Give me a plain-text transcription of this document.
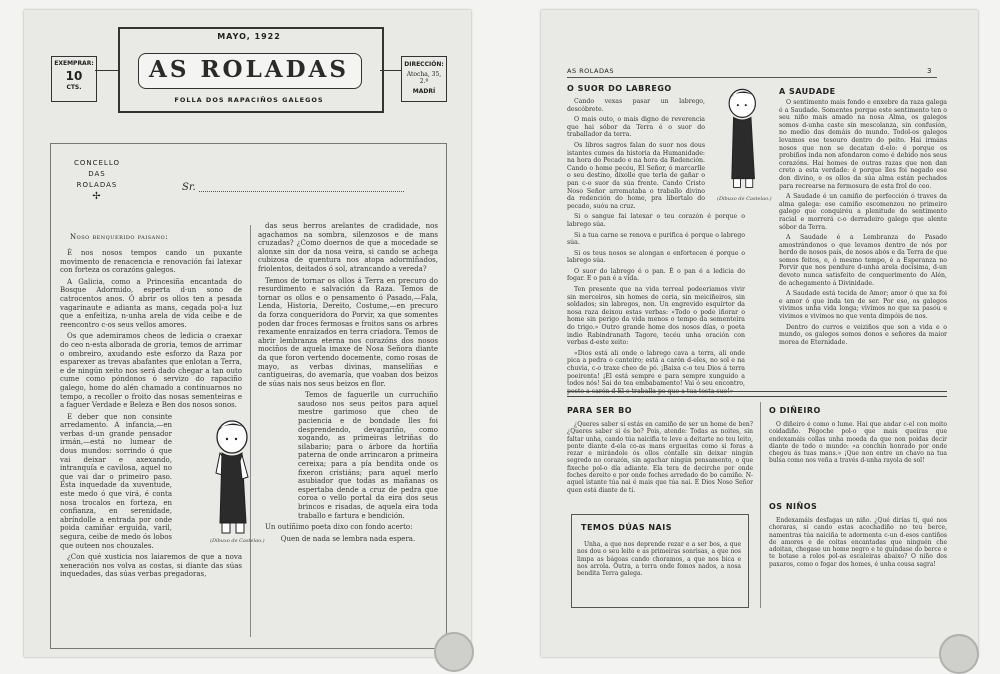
MAYO, 1922
AS ROLADAS
FOLLA DOS RAPACIÑOS GALEGOS
EXEMPRAR:
10
CTS.
DIRECCIÓN:
Atocha, 35, 2.º
MADRÍ
CONCELLO
DAS
ROLADAS
✢
Sr.
Noso benquerido paisano:

É nos nosos tempos cando un puxante movimento de renacencia e renovación fai latexar con forteza os corazóns galegos.

A Galicia, como a Princesiña encantada do Bosque Adormido, esperta d-un sono de catrocentos anos. Ó abrir os ollos ten a pesada vagarinaute e adianta as mans, cegada pol-a luz que a enfeitiza, n-unha arela de vida ceibe e de reencontro c-os seus vellos amores.

Os que ademiramos cheos de ledicia o craexar do ceo n-esta alborada de groria, temos de arrimar o ombreiro, axudando este esforzo da Raza por esparexer as trevas abafantes que enlotan a Terra, e de ningún xeito nos será dado chegar a tan outo cume como póndonos ó servizo do rapaciño galego, home do alén chamado a continuarnos no tempo, a recoller o froito das nosas sementeiras e a faguer Verdade e Beleza e Ben dos nosos sonos.

E deber que non consinte arredamento. A infancia,—en verbas d-un grande pensador irmán,—está no lumear de dous mundos: sorrindo ó que vai deixar e axexando, intranquía e cavilosa, aquel no que vai dar o primeiro paso. Esta inquedade da xuventude, este medo ó que virá, é conta nosa trocalos en forteza, en confianza, en serenidade, abríndolle a entrada por onde poida camiñar erguida, varil, segura, ceibe de medo ós lobos que outeen nos chouzales.

¿Con qué xusticia nos laiaremos de que a nova xeneración nos volva as costas, si diante das súas inquedades, das súas verbas pregadoras,

das seus berros arelantes de cradidade, nos agachamos na sombra, silenzosos e de mans cruzadas? ¿Como doernos de que a mocedade se alonxe sin dor da nosa veira, si cando se achega cubizosa de quentura nos atopa adormiñados, friolentos, deitados ó sol, atrancando a vereda?

Temos de tornar os ollos á Terra en precuro do resurdimento e salvación da Raza. Temos de tornar os ollos e o pensamento ó Pasado,—Fala, Lenda, Historia, Dereito, Costume,—en precuro da forza conqueridora do Porvir, xa que somentes poden dar froces fermosas e froitos sans os arbres rexamente enraizados en terra criadora. Temos de abrir lembranza eterna nos corazóns dos nosos mociños de aquela imaxe de Nosa Señora diante da que foron vertendo docemente, como rosas de mayo, as verbas divinas, manselíñas e cantigueiras, do avemaría, que voaban dos beizos de súas nais nos seus beizos en flor.

Temos de faguerlle un curruchiño saudoso nos seus peitos para aquel mestre garimoso que cheo de paciencia e de bondade lles foi desprendendo, devagariño, como xogando, as primeiras letriñas do silabario; para o árbore da hortiña paterna de onde arrincaron a primeira cereixa; para a pía bendita onde os fixeron cristiáns; para aquel merlo asubiador que todas as mañanas os espertaba dende a cruz de pedra que coroa o vello portal da eira dos seus brincos e risadas, de aquela eira toda traballo e fartura e bendición.

Un outíñimo poeta dixo con fondo acerto:

Quen de nada se lembra nada espera.

(Dibuxo de Castelao.)
AS ROLADAS	3
O SUOR DO LABREGO

Cando vexas pasar un labrego, descóbrete.

O mais outo, o mais digno de reverencia que hai sóbor da Terra é o suor do traballador da terra.

Os libros sagros falan do suor nos dous istantes cumes da historia da Humanidade: na hora do Pecado e na hora da Redención. Cando o home pecóu, El Señor, ó marcarlle o seu destino, díxolle que terla de gañar o pan c-o suor da súa frente. Cando Cristo Noso Señor arremataba o traballo divino da redención do home, pra libertalo do pecado, suóu na cruz.

Si o sangue fai latexar o teu corazón é porque o labrego súa.

Si a tua carne se renova e purifica é porque o labrego súa.

Si os teus nosos se alongan e enfortecen é porque o labrego súa.

O suor do labrego é o pan. É o pan é a ledicia do fogar. E o pan é a vida.

Ten presente que na vida terreal podeeriamos vivir sin merceiros, sin homes de ceria, sin meiciñeiros, sin soldados; sin labregos, non. Un engrevido esquírtor da nosa raza deixou estas verbas: «Todo o pode iñorar o home sin perigo da vida menos o tempo da sementeira do trigo.» Outro grande home dos nosos días, o poeta indio Rabindranath Tagore, tecéu unha oración con verbas d-este xeito:

«Dios está ali onde o labrego cava a terra, ali onde pica a pedra o canteiro; está a carón d-eles, no sol e na chuvia, c-o traxe cheo de pó. ¡Baixa c-o teu Dios á terra poeirenta! ¡Él está sempre e para sempre xunguido a todos nós! Sai do tea embabamento! Vai ó seu encontro, poste a carón d-El e traballa pe que a tua testa sue!»

(Dibuxo de Castelao.)
A SAUDADE

O sentimento mais fondo e enxebre da raza galega é a Saudade. Somentes porque este sentimento ten o seu niño mais amado na nosa Alma, os galegos somos d-unha caste sin mescolanza, sin confusión, no medio das demáis do mundo. Todol-os galegos levamos ese tesouro dentro do peito. Hai irmáns nosos que non se decatan d-elo: é porque os probiños inda non afondaron como é debido nos seus corazóns. Hai homes de outras razas que non dan creto a esta verdade: é porque lles foi negado ese don divino, e os ollos da súa alma están pechados para recrearse na fermosura de esta frol do ceo.

A Saudade é un camiño de perfección ó traves da alma galega: ese camiño escomenzou no primeiro galego que conquiréu a plenitude do sentimento racial e morrerá c-o derradeiro galego que alente sóbor da Terra.

A Saudade é a Lembranza do Pasado amostrándonos o que levamos dentro de nós por herdo de nosos pais, de nosos abós e da Terra de que somos feitos, e, ó mesmo tempo, é a Esperanza no Porvir que nos pendure d-unha arela docísima, d-un devoto nunca satisfeito de conquerimento do Alén, de achegamento á Divinidade.

A Saudade está tecida de Amor; amor ó que xa foi e amor ó que inda ten de ser. Por eso, os galegos vivimos unha vida longa; vivimos no que xa pasóu e vivimos e vivimos no que venta dimpóis de nos.

Dentro do curros e veiziños que son a vida e o mundo, os galegos somos donos e señores da maior morea de Eternidade.

PARA SER BO

¿Queres saber si estás en camiño de ser un home de ben? ¿Queres saber si és bo? Pois, atende: Todas as noites, sin faltar unha, cando túa naicifia te leve a deitarte no teu leito, ponte diante d-ela co-as mans ergueitas como si foras a rezar e mirándole ós ollos cóntalle sin deixar ningún segredo no corazón, sin agachar ningún pensamento, o que fixeche pol-o día adiante. Ela tera de decirche por onde foches dereito e por onde foches arredado do bo camiño. N-aquel istante túa nai é mais que túa nai. É Dios Noso Señor quen está diante de ti.

O DIÑEIRO

O diñeiro é como o lume. Hai que andar c-el con moito coidadiño. Pégoche pol-o que mais queiras que endexamáis collas unha moeda da que non poidas decir diante de todo o mundo: «a conchin honrado por onde chegou ás tuas mans.» ¡Que non entre un chavo na tua bulsa como nos veña a través d-unha rayola de sol!

TEMOS DÚAS NAIS

Unha, a que nos deprende rezar e a ser bos, a que nos dou o seu leite e as primeiras sonrisas, a que nos limpa as bágoas cando choramos, a que nos bica e nos arrola. Outra, a terra onde fomos nados, a nosa bendita Terra galega.

OS NIÑOS

Endexamáis desfagas un niño. ¿Qué dirías ti, qué nos choraras, si cando estas acochadiño no teu berce, namentras túa naiciña te adormenta c-un d-esos cantiños de amores e de coitas encantadas que ninguén che adoitan, chegase un home negro e te guindase do berce e te botase a rolos pol-as escaleiras abaixo? O niño dos paxaros, como o fogar dos homes, é unha cousa sagra!
